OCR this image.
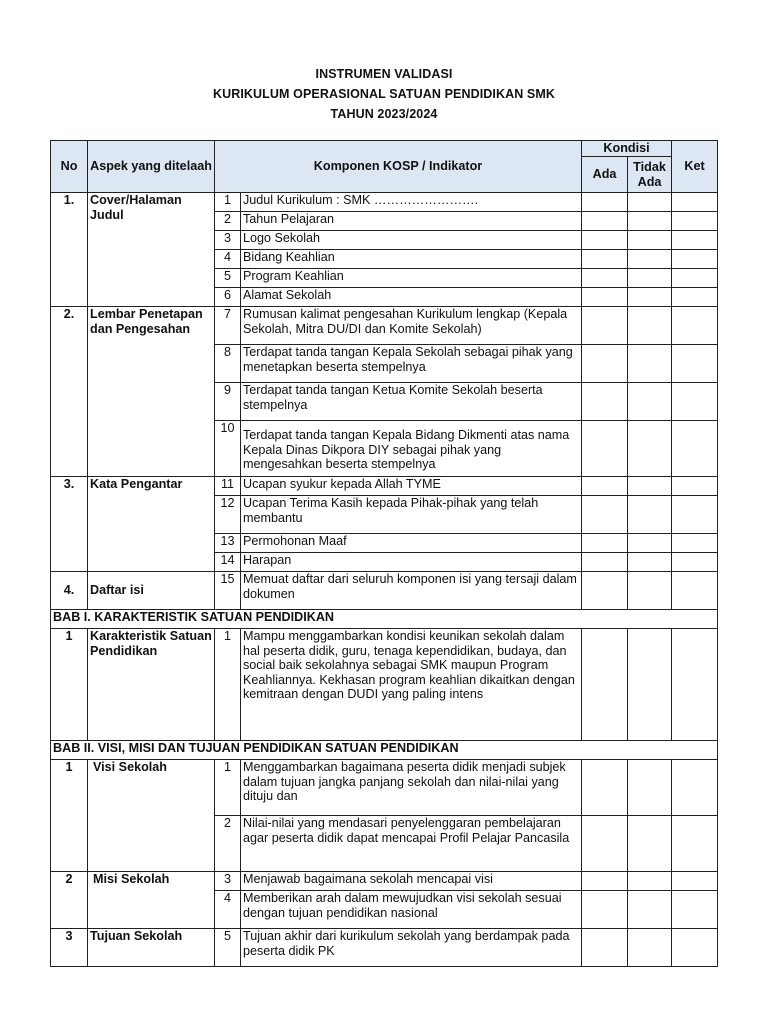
INSTRUMEN VALIDASI
KURIKULUM OPERASIONAL SATUAN PENDIDIKAN SMK
TAHUN 2023/2024
No	Aspek yang ditelaah	Komponen KOSP / Indikator		Kondisi		Ket
				Ada	Tidak Ada	
1.	Cover/Halaman Judul	1	Judul Kurikulum : SMK …………………….			
		2	Tahun Pelajaran			
		3	Logo Sekolah			
		4	Bidang Keahlian			
		5	Program Keahlian			
		6	Alamat Sekolah			
2.	Lembar Penetapan dan Pengesahan	7	Rumusan kalimat pengesahan Kurikulum lengkap (Kepala Sekolah, Mitra DU/DI dan Komite Sekolah)			
		8	Terdapat tanda tangan Kepala Sekolah sebagai pihak yang menetapkan beserta stempelnya			
		9	Terdapat tanda tangan Ketua Komite Sekolah beserta stempelnya			
		10	Terdapat tanda tangan Kepala Bidang Dikmenti atas nama Kepala Dinas Dikpora DIY sebagai pihak yang mengesahkan beserta stempelnya			
3.	Kata Pengantar	11	Ucapan syukur kepada Allah TYME			
		12	Ucapan Terima Kasih kepada Pihak-pihak yang telah membantu			
		13	Permohonan Maaf			
		14	Harapan			
4.	Daftar isi	15	Memuat daftar dari seluruh komponen isi yang tersaji dalam dokumen			
BAB I. KARAKTERISTIK SATUAN PENDIDIKAN						
1	Karakteristik Satuan Pendidikan	1	Mampu menggambarkan kondisi keunikan sekolah dalam hal peserta didik, guru, tenaga kependidikan, budaya, dan social baik sekolahnya sebagai SMK maupun Program Keahliannya. Kekhasan program keahlian dikaitkan dengan kemitraan dengan DUDI yang paling intens			
BAB II. VISI, MISI DAN TUJUAN PENDIDIKAN SATUAN PENDIDIKAN						
1	Visi Sekolah	1	Menggambarkan bagaimana peserta didik menjadi subjek dalam tujuan jangka panjang sekolah dan nilai-nilai yang dituju dan			
		2	Nilai-nilai yang mendasari penyelenggaran pembelajaran agar peserta didik dapat mencapai Profil Pelajar Pancasila			
2	Misi Sekolah	3	Menjawab bagaimana sekolah mencapai visi			
		4	Memberikan arah dalam mewujudkan visi sekolah sesuai dengan tujuan pendidikan nasional			
3	Tujuan Sekolah	5	Tujuan akhir dari kurikulum sekolah yang berdampak pada peserta didik PK			
